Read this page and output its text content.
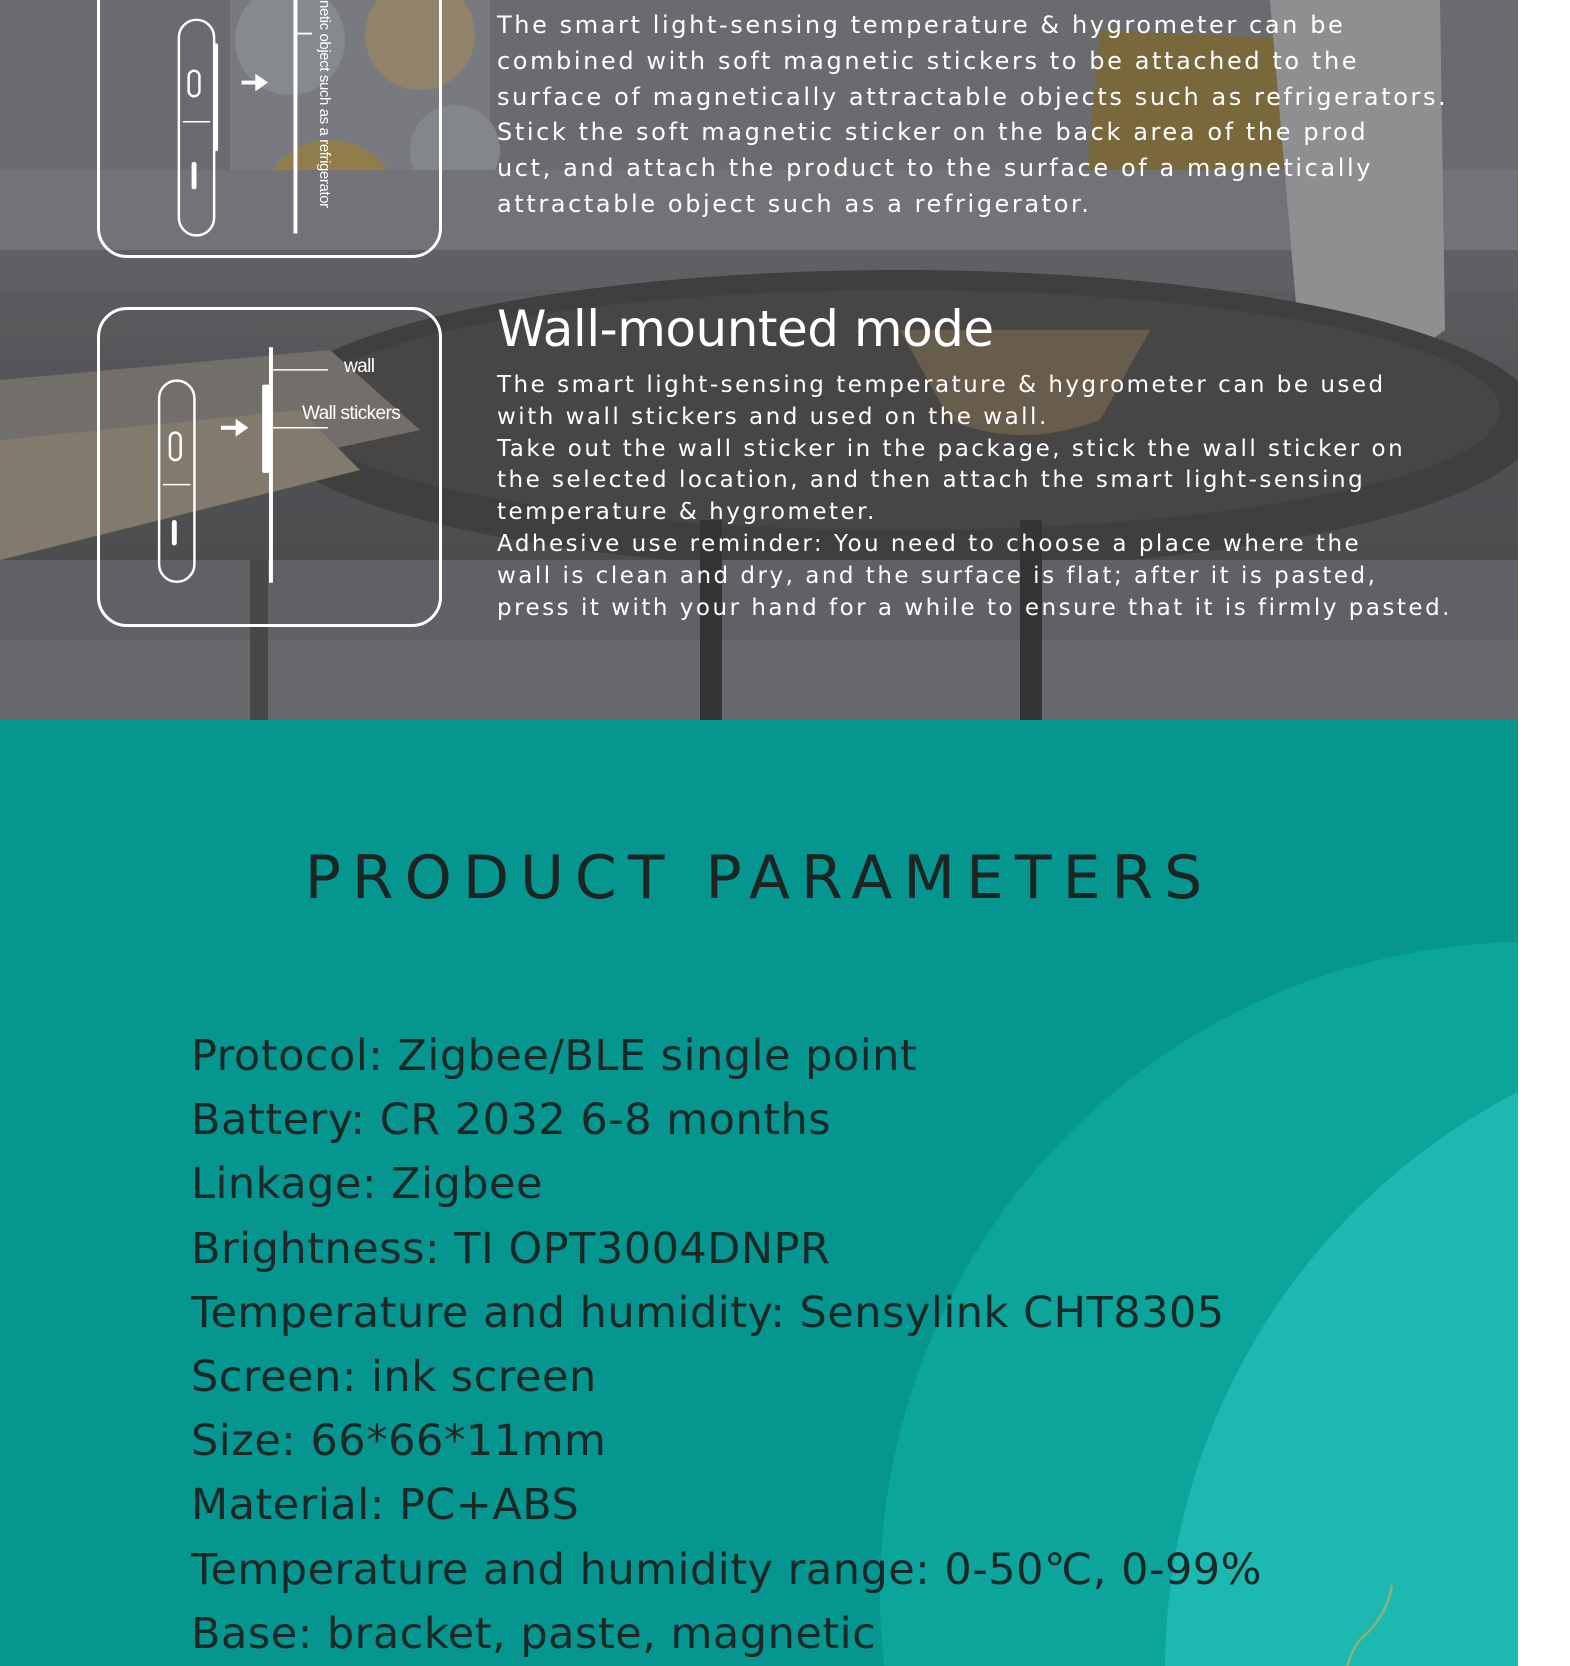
netic object such as a refrigerator	The smart light-sensing temperature & hygrometer can be
combined with soft magnetic stickers to be attached to the
surface of magnetically attractable objects such as refrigerators.
Stick the soft magnetic sticker on the back area of the prod
uct, and attach the product to the surface of a magnetically
attractable object such as a refrigerator.

wall
Wall stickers
Wall-mounted mode

The smart light-sensing temperature & hygrometer can be used
with wall stickers and used on the wall.
Take out the wall sticker in the package, stick the wall sticker on
the selected location, and then attach the smart light-sensing
temperature & hygrometer.
Adhesive use reminder: You need to choose a place where the
wall is clean and dry, and the surface is flat; after it is pasted,
press it with your hand for a while to ensure that it is firmly pasted.

PRODUCT PARAMETERS
Protocol: Zigbee/BLE single point
Battery: CR 2032 6-8 months
Linkage: Zigbee
Brightness: TI OPT3004DNPR
Temperature and humidity: Sensylink CHT8305
Screen: ink screen
Size: 66*66*11mm
Material: PC+ABS
Temperature and humidity range: 0-50℃, 0-99%
Base: bracket, paste, magnetic
